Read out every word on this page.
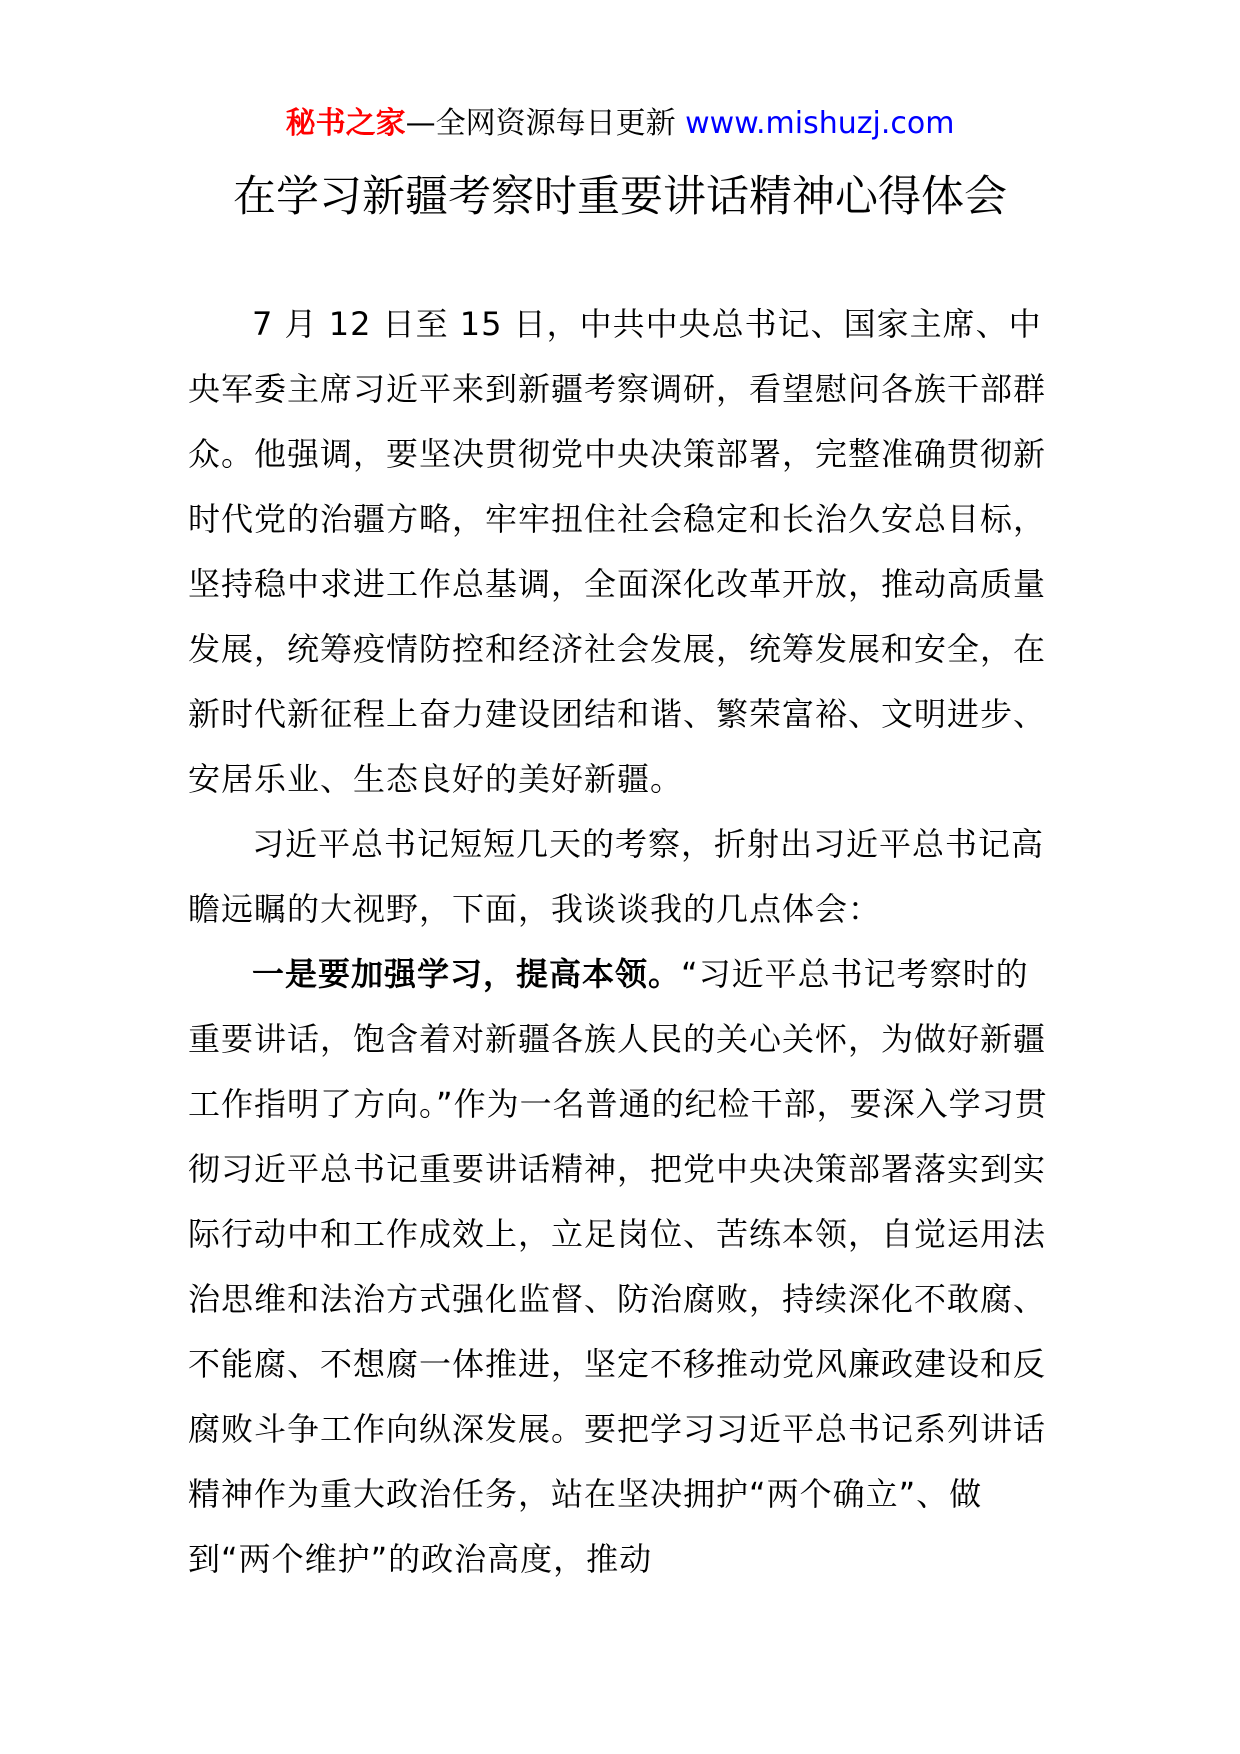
秘书之家—全网资源每日更新 www.mishuzj.com
在学习新疆考察时重要讲话精神心得体会

7 月 12 日至 15 日，中共中央总书记、国家主席、中央军委主席习近平来到新疆考察调研，看望慰问各族干部群众。他强调，要坚决贯彻党中央决策部署，完整准确贯彻新时代党的治疆方略，牢牢扭住社会稳定和长治久安总目标，坚持稳中求进工作总基调，全面深化改革开放，推动高质量发展，统筹疫情防控和经济社会发展，统筹发展和安全，在新时代新征程上奋力建设团结和谐、繁荣富裕、文明进步、安居乐业、生态良好的美好新疆。

习近平总书记短短几天的考察，折射出习近平总书记高瞻远瞩的大视野，下面，我谈谈我的几点体会：

一是要加强学习，提高本领。“习近平总书记考察时的重要讲话，饱含着对新疆各族人民的关心关怀，为做好新疆工作指明了方向。”作为一名普通的纪检干部，要深入学习贯彻习近平总书记重要讲话精神，把党中央决策部署落实到实际行动中和工作成效上，立足岗位、苦练本领，自觉运用法治思维和法治方式强化监督、防治腐败，持续深化不敢腐、不能腐、不想腐一体推进，坚定不移推动党风廉政建设和反腐败斗争工作向纵深发展。要把学习习近平总书记系列讲话精神作为重大政治任务，站在坚决拥护“两个确立”、做到“两个维护”的政治高度，推动
